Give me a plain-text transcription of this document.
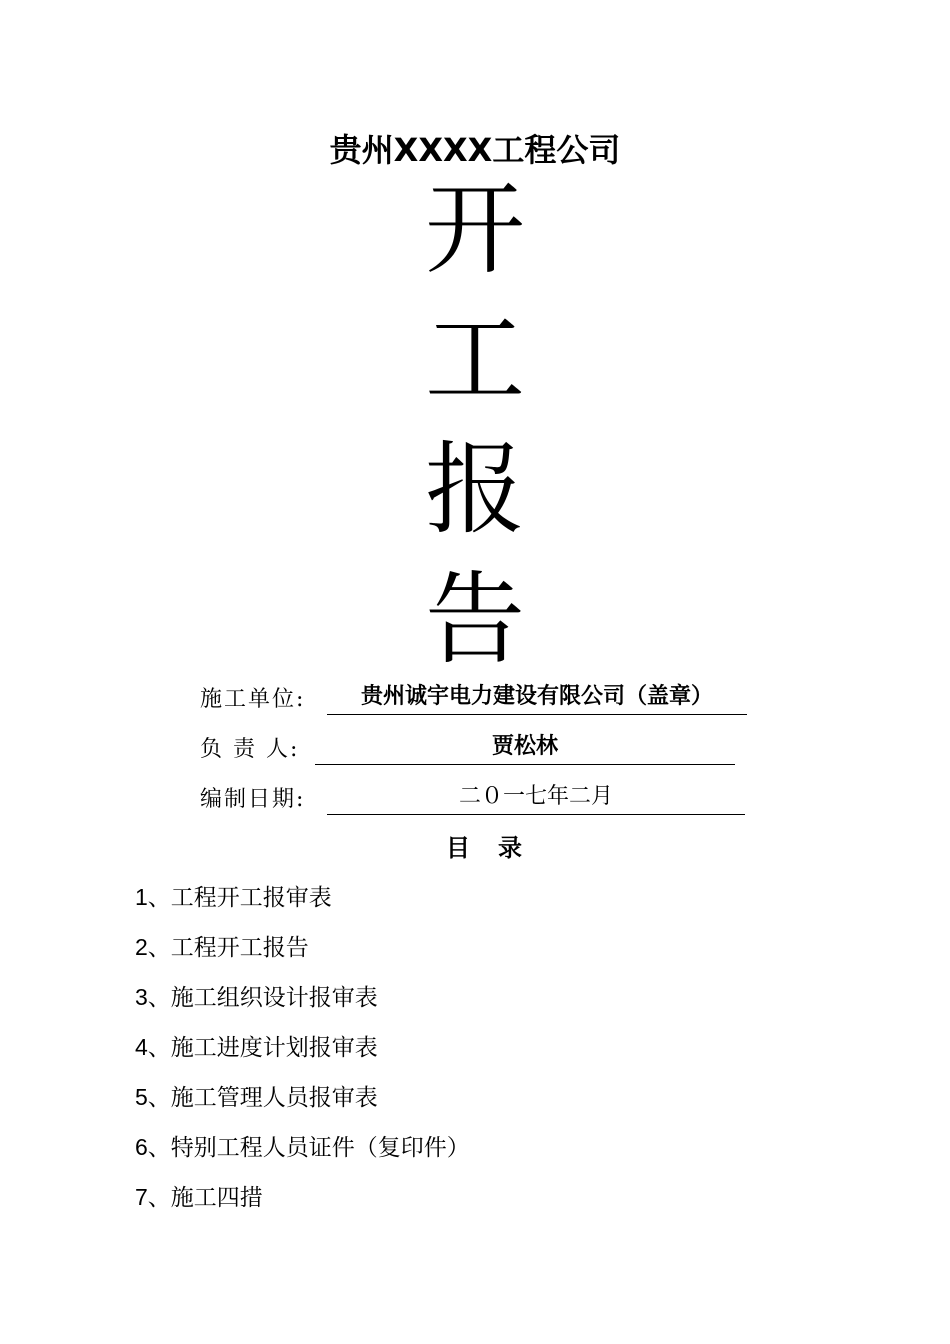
贵州XXXX工程公司
开
工
报
告
施工单位:	贵州诚宇电力建设有限公司（盖章）
负 责 人:	贾松林
编制日期:	二０一七年二月
目　录
1、工程开工报审表
2、工程开工报告
3、施工组织设计报审表
4、施工进度计划报审表
5、施工管理人员报审表
6、特别工程人员证件（复印件）
7、施工四措
